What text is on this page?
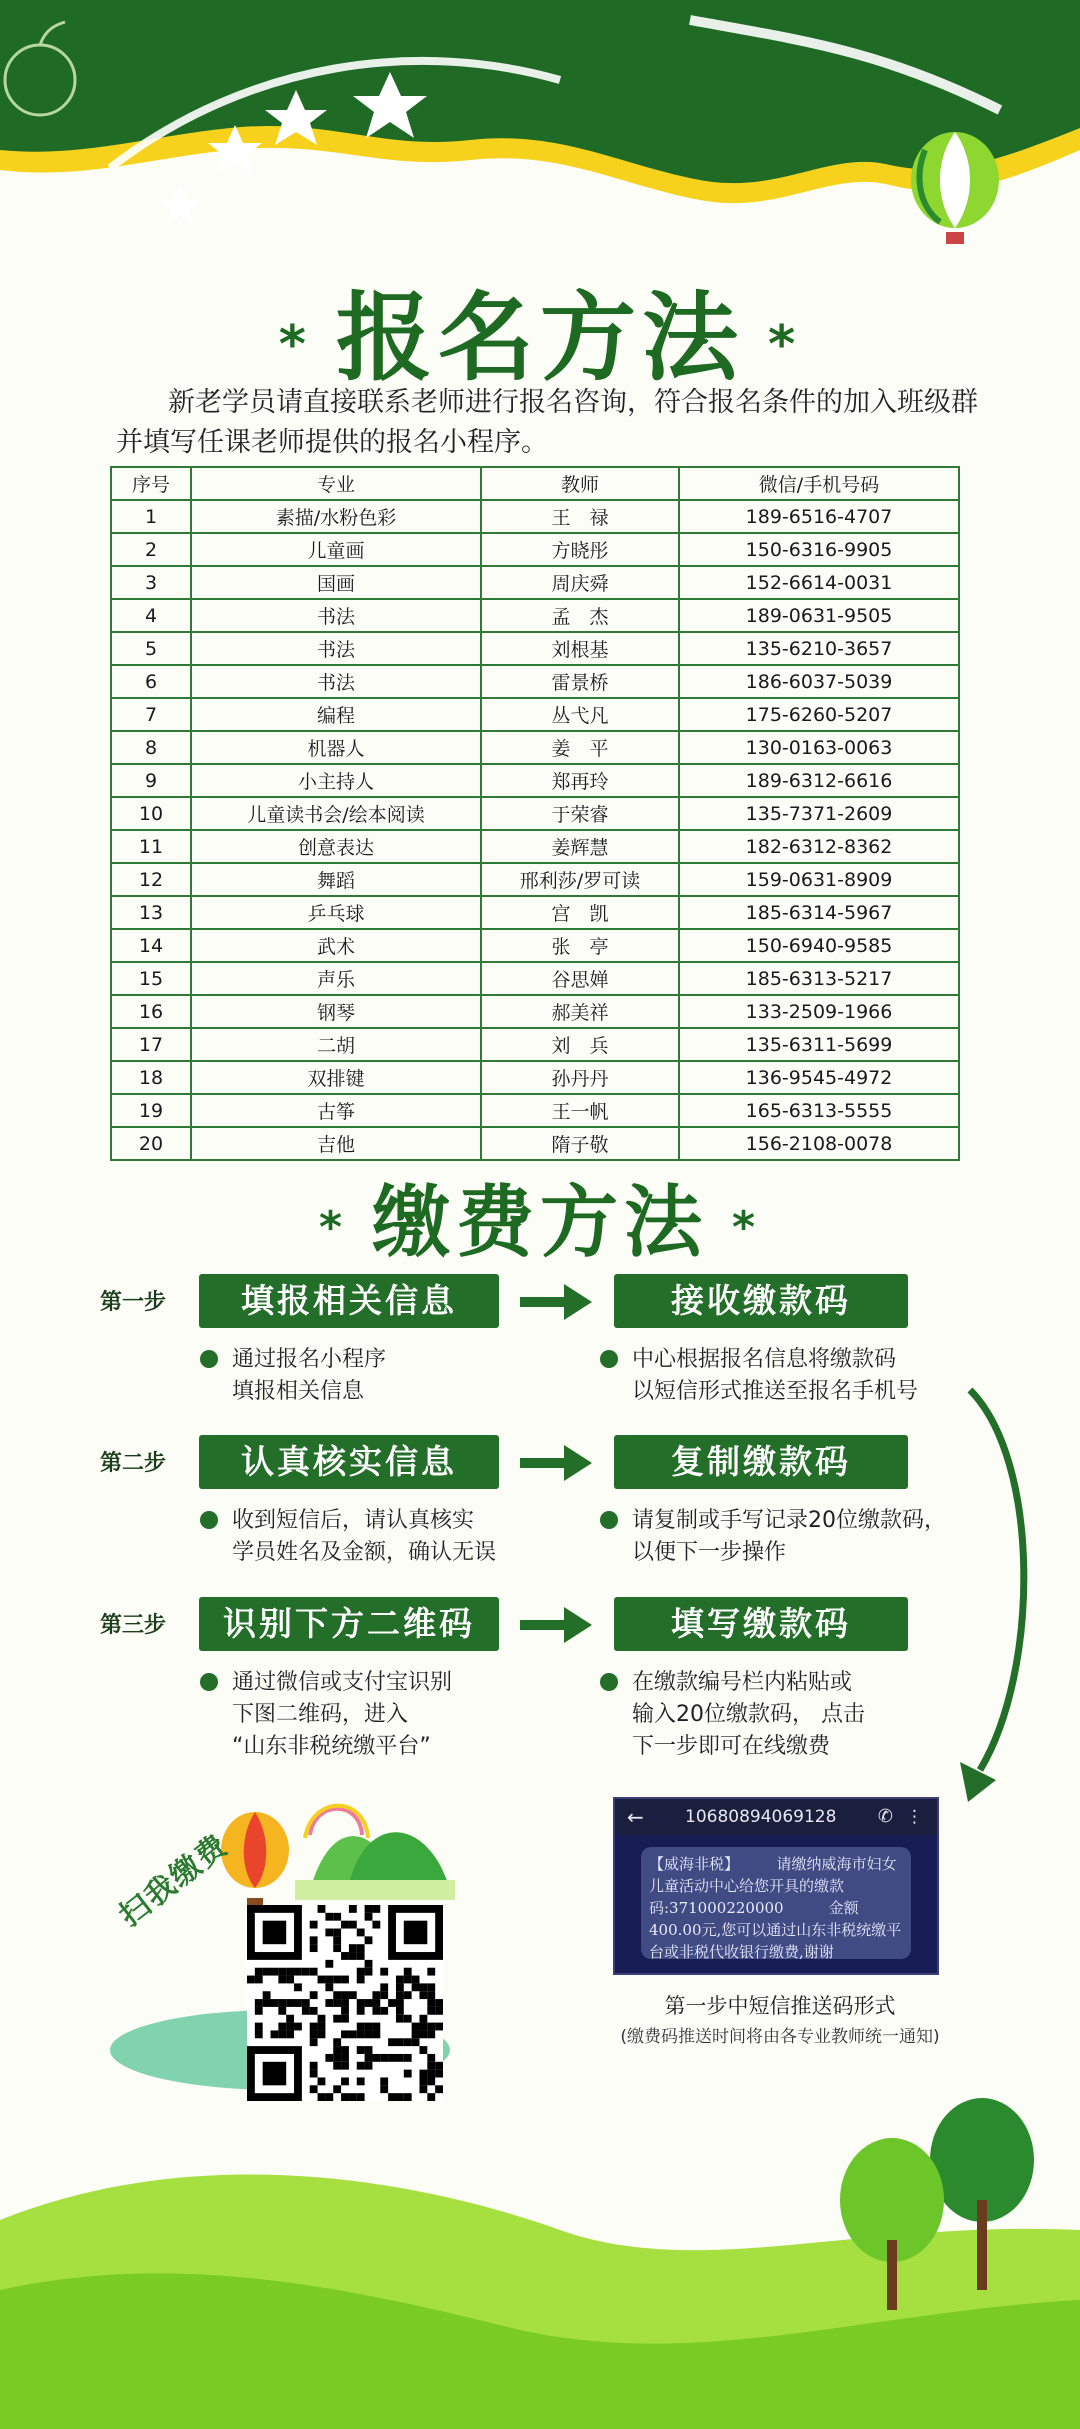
* 报名方法 *

新老学员请直接联系老师进行报名咨询，符合报名条件的加入班级群

并填写任课老师提供的报名小程序。

序号	专业	教师	微信/手机号码
1	素描/水粉色彩	王　禄	189-6516-4707
2	儿童画	方晓彤	150-6316-9905
3	国画	周庆舜	152-6614-0031
4	书法	孟　杰	189-0631-9505
5	书法	刘根基	135-6210-3657
6	书法	雷景桥	186-6037-5039
7	编程	丛弋凡	175-6260-5207
8	机器人	姜　平	130-0163-0063
9	小主持人	郑再玲	189-6312-6616
10	儿童读书会/绘本阅读	于荣睿	135-7371-2609
11	创意表达	姜辉慧	182-6312-8362
12	舞蹈	邢利莎/罗可读	159-0631-8909
13	乒乓球	宫　凯	185-6314-5967
14	武术	张　亭	150-6940-9585
15	声乐	谷思婵	185-6313-5217
16	钢琴	郝美祥	133-2509-1966
17	二胡	刘　兵	135-6311-5699
18	双排键	孙丹丹	136-9545-4972
19	古筝	王一帆	165-6313-5555
20	吉他	隋子敬	156-2108-0078
* 缴费方法 *
第一步	填报相关信息	接收缴款码
通过报名小程序
填报相关信息
中心根据报名信息将缴款码
以短信形式推送至报名手机号
第二步	认真核实信息	复制缴款码
收到短信后，请认真核实
学员姓名及金额，确认无误
请复制或手写记录20位缴款码，
以便下一步操作
第三步	识别下方二维码	填写缴款码
通过微信或支付宝识别
下图二维码，进入
“山东非税统缴平台”
在缴款编号栏内粘贴或
输入20位缴款码， 点击
下一步即可在线缴费
扫我缴费
← 10680894069128 ✆ ⋮
【威海非税】　　　请缴纳威海市妇女儿童活动中心给您开具的缴款码:371000220000　　　金额400.00元,您可以通过山东非税统缴平台或非税代收银行缴费,谢谢
第一步中短信推送码形式
(缴费码推送时间将由各专业教师统一通知)
